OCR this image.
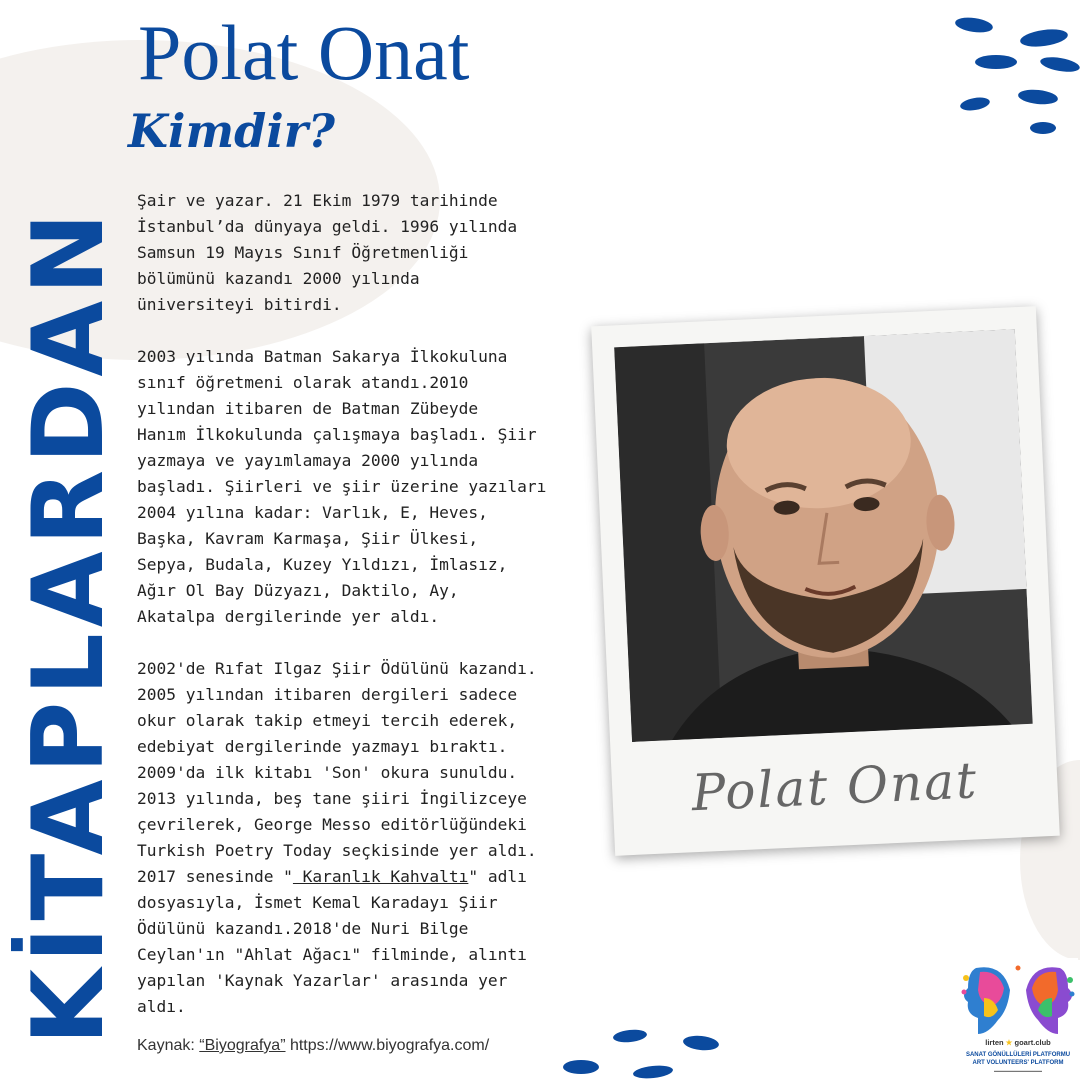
KİTAPLARDAN
Polat Onat
Kimdir?

Şair ve yazar. 21 Ekim 1979 tarihinde
İstanbul’da dünyaya geldi. 1996 yılında
Samsun 19 Mayıs Sınıf Öğretmenliği
bölümünü kazandı 2000 yılında
üniversiteyi bitirdi.

2003 yılında Batman Sakarya İlkokuluna
sınıf öğretmeni olarak atandı.2010
yılından itibaren de Batman Zübeyde
Hanım İlkokulunda çalışmaya başladı. Şiir
yazmaya ve yayımlamaya 2000 yılında
başladı. Şiirleri ve şiir üzerine yazıları
2004 yılına kadar: Varlık, E, Heves,
Başka, Kavram Karmaşa, Şiir Ülkesi,
Sepya, Budala, Kuzey Yıldızı, İmlasız,
Ağır Ol Bay Düzyazı, Daktilo, Ay,
Akatalpa dergilerinde yer aldı.

2002'de Rıfat Ilgaz Şiir Ödülünü kazandı.
2005 yılından itibaren dergileri sadece
okur olarak takip etmeyi tercih ederek,
edebiyat dergilerinde yazmayı bıraktı.
2009'da ilk kitabı 'Son' okura sunuldu.
2013 yılında, beş tane şiiri İngilizceye
çevrilerek, George Messo editörlüğündeki
Turkish Poetry Today seçkisinde yer aldı.
2017 senesinde " Karanlık Kahvaltı" adlı
dosyasıyla, İsmet Kemal Karadayı Şiir
Ödülünü kazandı.2018'de Nuri Bilge
Ceylan'ın "Ahlat Ağacı" filminde, alıntı
yapılan 'Kaynak Yazarlar' arasında yer
aldı.

Kaynak: “Biyografya” https://www.biyografya.com/
Polat Onat
lirten ★ goart.club
SANAT GÖNÜLLÜLERİ PLATFORMU
ART VOLUNTEERS' PLATFORM
▬▬▬▬▬▬▬▬▬▬▬▬
